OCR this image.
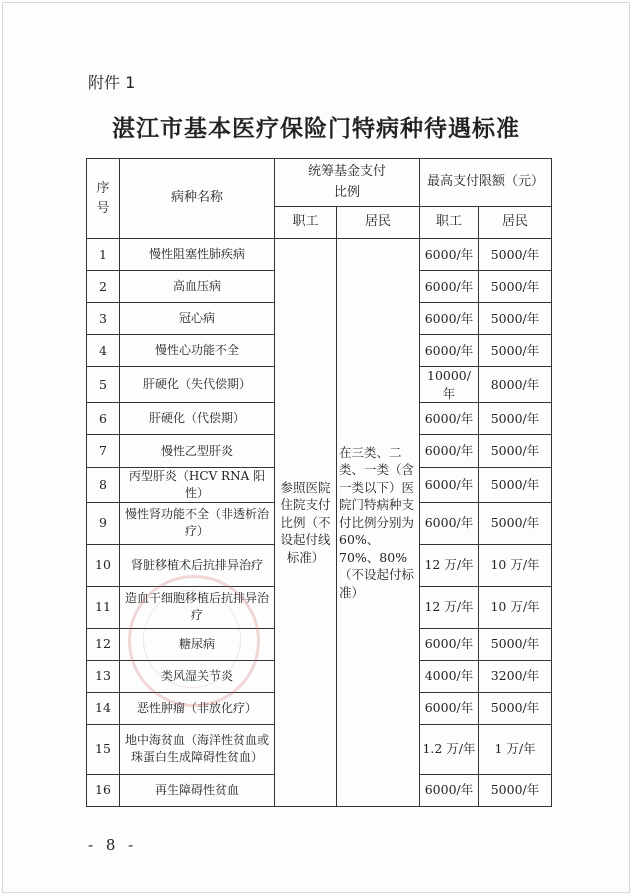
附件 1
湛江市基本医疗保险门特病种待遇标准
序号	病种名称	统筹基金支付比例		最高支付限额（元）	
		职工	居民	职工	居民
1	慢性阻塞性肺疾病	参照医院住院支付比例（不设起付线标准）	在三类、二类、一类（含一类以下）医院门特病种支付比例分别为60%、70%、80%（不设起付标准）	6000/年	5000/年
2	高血压病			6000/年	5000/年
3	冠心病			6000/年	5000/年
4	慢性心功能不全			6000/年	5000/年
5	肝硬化（失代偿期）			10000/年	8000/年
6	肝硬化（代偿期）			6000/年	5000/年
7	慢性乙型肝炎			6000/年	5000/年
8	丙型肝炎（HCV RNA 阳性）			6000/年	5000/年
9	慢性肾功能不全（非透析治疗）			6000/年	5000/年
10	肾脏移植术后抗排异治疗			12 万/年	10 万/年
11	造血干细胞移植后抗排异治疗			12 万/年	10 万/年
12	糖尿病			6000/年	5000/年
13	类风湿关节炎			4000/年	3200/年
14	恶性肿瘤（非放化疗）			6000/年	5000/年
15	地中海贫血（海洋性贫血或珠蛋白生成障碍性贫血）			1.2 万/年	1 万/年
16	再生障碍性贫血			6000/年	5000/年
- 8 -
